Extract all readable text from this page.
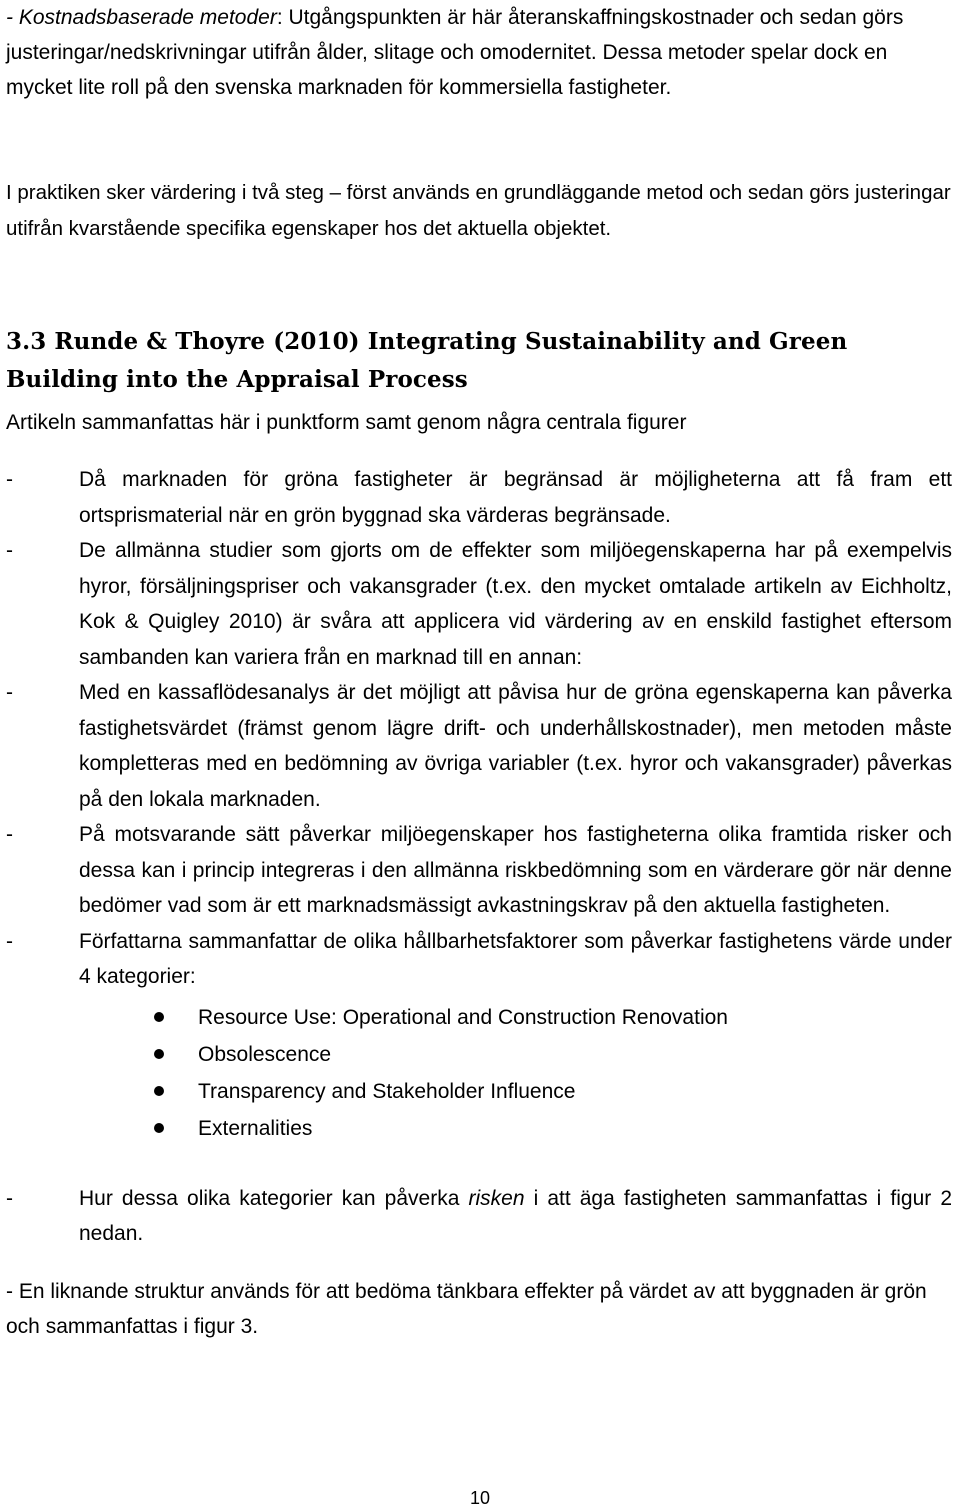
- Kostnadsbaserade metoder: Utgångspunkten är här återanskaffningskostnader och sedan görs justeringar/nedskrivningar utifrån ålder, slitage och omodernitet. Dessa metoder spelar dock en mycket lite roll på den svenska marknaden för kommersiella fastigheter.

I praktiken sker värdering i två steg – först används en grundläggande metod och sedan görs justeringar utifrån kvarstående specifika egenskaper hos det aktuella objektet.

3.3 Runde & Thoyre (2010) Integrating Sustainability and Green Building into the Appraisal Process
Artikeln sammanfattas här i punktform samt genom några centrala figurer
-	Då marknaden för gröna fastigheter är begränsad är möjligheterna att få fram ett ortsprismaterial när en grön byggnad ska värderas begränsade.
-	De allmänna studier som gjorts om de effekter som miljöegenskaperna har på exempelvis hyror, försäljningspriser och vakansgrader (t.ex. den mycket omtalade artikeln av Eichholtz, Kok & Quigley 2010) är svåra att applicera vid värdering av en enskild fastighet eftersom sambanden kan variera från en marknad till en annan:
-	Med en kassaflödesanalys är det möjligt att påvisa hur de gröna egenskaperna kan påverka fastighetsvärdet (främst genom lägre drift- och underhållskostnader), men metoden måste kompletteras med en bedömning av övriga variabler (t.ex. hyror och vakansgrader) påverkas på den lokala marknaden.
-	På motsvarande sätt påverkar miljöegenskaper hos fastigheterna olika framtida risker och dessa kan i princip integreras i den allmänna riskbedömning som en värderare gör när denne bedömer vad som är ett marknadsmässigt avkastningskrav på den aktuella fastigheten.
-	Författarna sammanfattar de olika hållbarhetsfaktorer som påverkar fastighetens värde under 4 kategorier:
Resource Use: Operational and Construction Renovation
Obsolescence
Transparency and Stakeholder Influence
Externalities
-	Hur dessa olika kategorier kan påverka risken i att äga fastigheten sammanfattas i figur 2 nedan.

- En liknande struktur används för att bedöma tänkbara effekter på värdet av att byggnaden är grön och sammanfattas i figur 3.

10
